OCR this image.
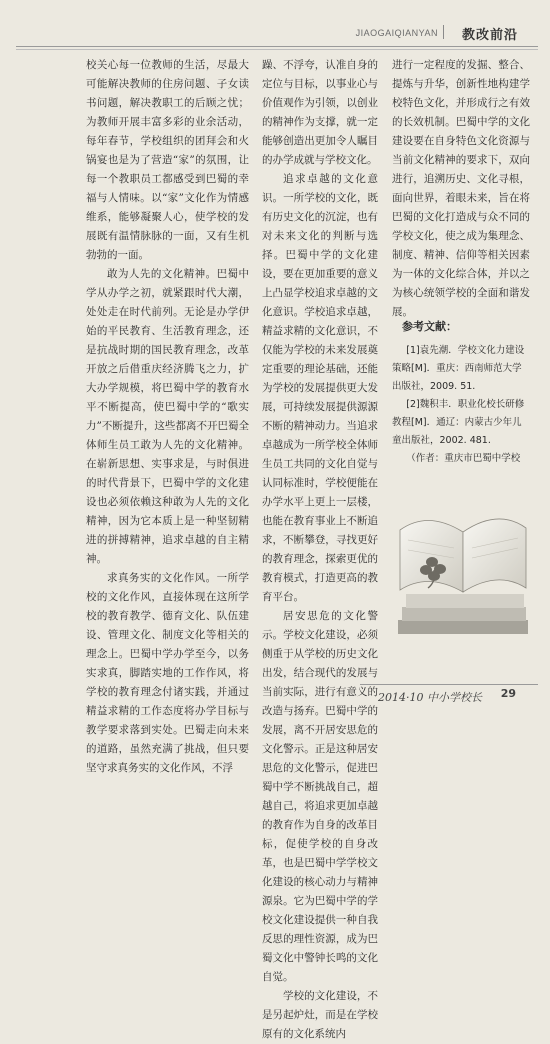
JIAOGAIQIANYAN 教改前沿

校关心每一位教师的生活，尽最大可能解决教师的住房问题、子女读书问题，解决教职工的后顾之忧；为教师开展丰富多彩的业余活动，每年春节，学校组织的团拜会和火锅宴也是为了营造“家”的氛围，让每一个教职员工都感受到巴蜀的幸福与人情味。以“家”文化作为情感维系，能够凝聚人心，使学校的发展既有温情脉脉的一面，又有生机勃勃的一面。

敢为人先的文化精神。巴蜀中学从办学之初，就紧跟时代大潮，处处走在时代前列。无论是办学伊始的平民教育、生活教育理念，还是抗战时期的国民教育理念，改革开放之后借重庆经济腾飞之力，扩大办学规模，将巴蜀中学的教育水平不断提高，使巴蜀中学的“歌实力”不断提升，这些都离不开巴蜀全体师生员工敢为人先的文化精神。在崭新思想、实事求是，与时俱进的时代背景下，巴蜀中学的文化建设也必须依赖这种敢为人先的文化精神，因为它本质上是一种坚韧精进的拼搏精神，追求卓越的自主精神。

求真务实的文化作风。一所学校的文化作风，直接体现在这所学校的教育教学、德育文化、队伍建设、管理文化、制度文化等相关的理念上。巴蜀中学办学至今，以务实求真，脚踏实地的工作作风，将学校的教育理念付诸实践，并通过精益求精的工作态度将办学目标与教学要求落到实处。巴蜀走向未来的道路，虽然充满了挑战，但只要坚守求真务实的文化作风，不浮

躁、不浮夸，认准自身的定位与目标，以事业心与价值观作为引领，以创业的精神作为支撑，就一定能够创造出更加令人瞩目的办学成就与学校文化。

追求卓越的文化意识。一所学校的文化，既有历史文化的沉淀，也有对未来文化的判断与选择。巴蜀中学的文化建设，要在更加重要的意义上凸显学校追求卓越的文化意识。学校追求卓越，精益求精的文化意识，不仅能为学校的未来发展奠定重要的理论基础，还能为学校的发展提供更大发展，可持续发展提供源源不断的精神动力。当追求卓越成为一所学校全体师生员工共同的文化自觉与认同标准时，学校便能在办学水平上更上一层楼，也能在教育事业上不断追求，不断攀登，寻找更好的教育理念，探索更优的教育模式，打造更高的教育平台。

居安思危的文化警示。学校文化建设，必须侧重于从学校的历史文化出发，结合现代的发展与当前实际，进行有意义的改造与扬弃。巴蜀中学的发展，离不开居安思危的文化警示。正是这种居安思危的文化警示，促进巴蜀中学不断挑战自己，超越自己，将追求更加卓越的教育作为自身的改革目标，促使学校的自身改革，也是巴蜀中学学校文化建设的核心动力与精神源泉。它为巴蜀中学的学校文化建设提供一种自我反思的理性资源，成为巴蜀文化中警钟长鸣的文化自觉。

学校的文化建设，不是另起炉灶，而是在学校原有的文化系统内

进行一定程度的发掘、整合、提炼与升华，创新性地构建学校特色文化，并形成行之有效的长效机制。巴蜀中学的文化建设要在自身特色文化资源与当前文化精神的要求下，双向进行，追溯历史、文化寻根，面向世界，着眼未来，旨在将巴蜀的文化打造成与众不同的学校文化，使之成为集理念、制度、精神、信仰等相关因素为一体的文化综合体，并以之为核心统领学校的全面和谐发展。

参考文献：

[1]袁先潮．学校文化力建设策略[M]．重庆：西南师范大学出版社，2009. 51.

[2]魏积丰．职业化校长研修教程[M]．通辽：内蒙古少年儿童出版社，2002. 481.

（作者：重庆市巴蜀中学校

2014·10 中小学校长 29
